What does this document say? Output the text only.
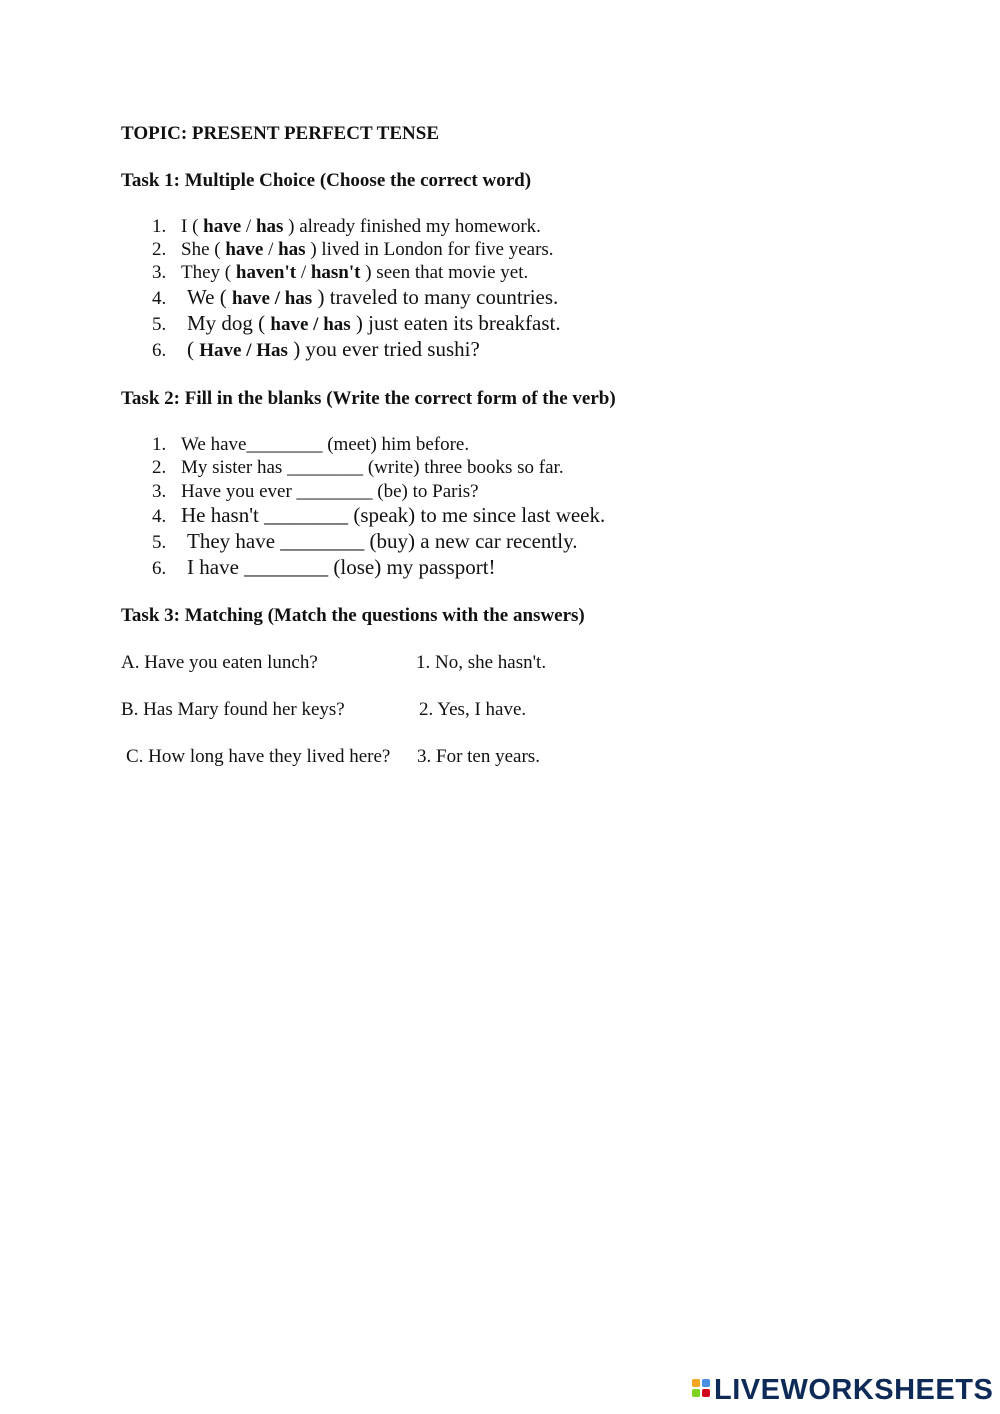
TOPIC: PRESENT PERFECT TENSE
Task 1: Multiple Choice (Choose the correct word)
1. I ( have / has ) already finished my homework.
2. She ( have / has ) lived in London for five years.
3. They ( haven't / hasn't ) seen that movie yet.
4. We ( have / has ) traveled to many countries.
5. My dog ( have / has ) just eaten its breakfast.
6. ( Have / Has ) you ever tried sushi?
Task 2: Fill in the blanks (Write the correct form of the verb)
1. We have________ (meet) him before.
2. My sister has ________ (write) three books so far.
3. Have you ever ________ (be) to Paris?
4. He hasn't ________ (speak) to me since last week.
5. They have ________ (buy) a new car recently.
6. I have ________ (lose) my passport!
Task 3: Matching (Match the questions with the answers)
A. Have you eaten lunch?	1. No, she hasn't.
B. Has Mary found her keys?	2. Yes, I have.
C. How long have they lived here? 3. For ten years.
LIVEWORKSHEETS
